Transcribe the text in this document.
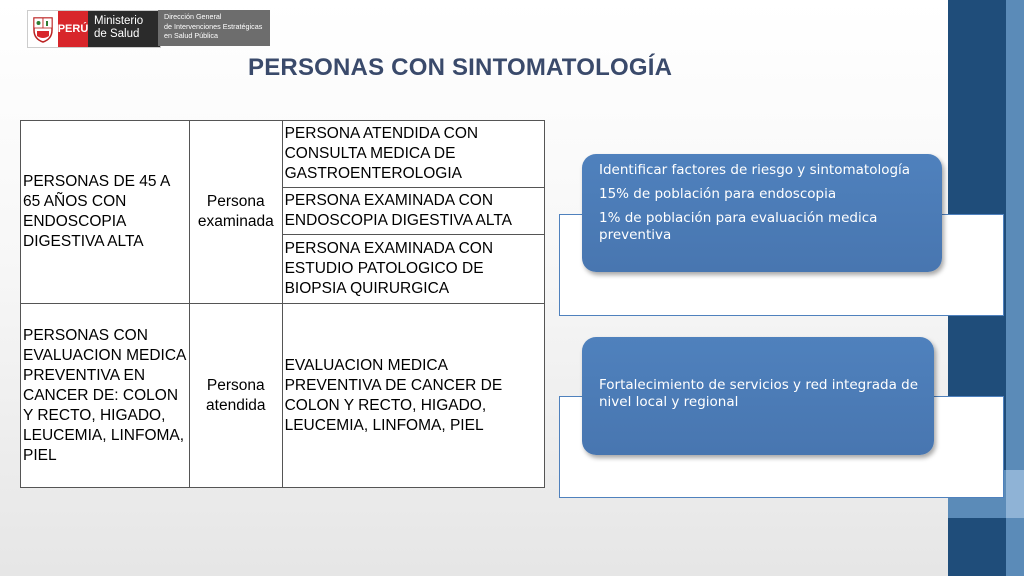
PERÚ
Ministerio
de Salud
Dirección General
de Intervenciones Estratégicas
en Salud Pública
PERSONAS CON SINTOMATOLOGÍA
PERSONAS DE 45 A 65 AÑOS CON ENDOSCOPIA DIGESTIVA ALTA	Persona examinada	PERSONA ATENDIDA CON CONSULTA MEDICA DE GASTROENTEROLOGIA
		PERSONA EXAMINADA CON ENDOSCOPIA DIGESTIVA ALTA
		PERSONA EXAMINADA CON ESTUDIO PATOLOGICO DE BIOPSIA QUIRURGICA
PERSONAS CON EVALUACION MEDICA PREVENTIVA EN CANCER DE: COLON Y RECTO, HIGADO, LEUCEMIA, LINFOMA, PIEL	Persona atendida	EVALUACION MEDICA PREVENTIVA DE CANCER DE COLON Y RECTO, HIGADO, LEUCEMIA, LINFOMA, PIEL

Identificar factores de riesgo y sintomatología

15% de población para endoscopia

1% de población para evaluación medica preventiva

Fortalecimiento de servicios y red integrada de nivel local y regional
